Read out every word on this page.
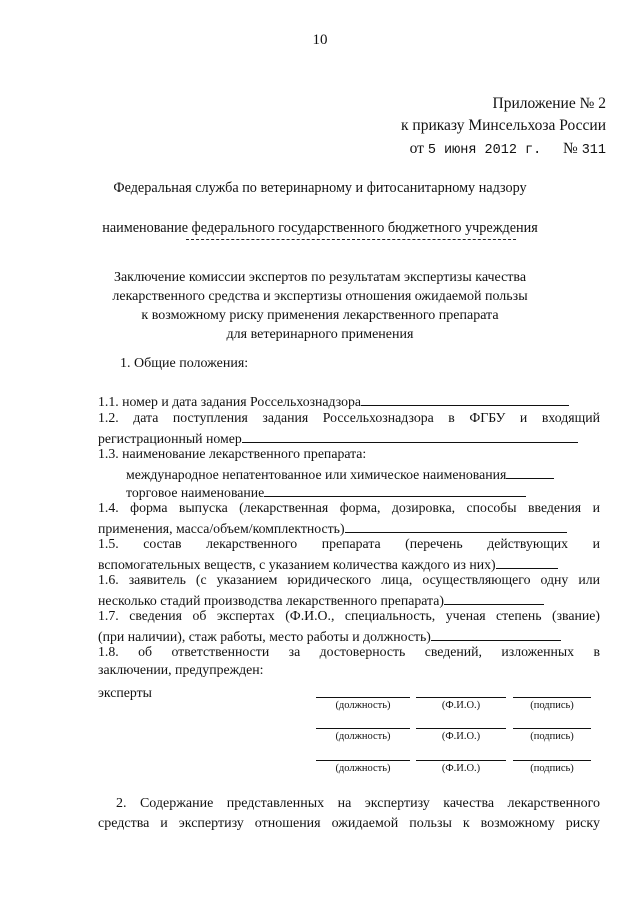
10
Приложение № 2
к приказу Минсельхоза России
от 5 июня 2012 г. № 311
Федеральная служба по ветеринарному и фитосанитарному надзору
наименование федерального государственного бюджетного учреждения
Заключение комиссии экспертов по результатам экспертизы качества
лекарственного средства и экспертизы отношения ожидаемой пользы
к возможному риску применения лекарственного препарата
для ветеринарного применения
1. Общие положения:
1.1. номер и дата задания Россельхознадзора
1.2. дата поступления задания Россельхознадзора в ФГБУ и входящий
регистрационный номер
1.3. наименование лекарственного препарата:
международное непатентованное или химическое наименования
торговое наименование
1.4. форма выпуска (лекарственная форма, дозировка, способы введения и
применения, масса/объем/комплектность)
1.5. состав лекарственного препарата (перечень действующих и
вспомогательных веществ, с указанием количества каждого из них)
1.6. заявитель (с указанием юридического лица, осуществляющего одну или
несколько стадий производства лекарственного препарата)
1.7. сведения об экспертах (Ф.И.О., специальность, ученая степень (звание)
(при наличии), стаж работы, место работы и должность)
1.8. об ответственности за достоверность сведений, изложенных в
заключении, предупрежден:
эксперты
(должность)	(Ф.И.О.)	(подпись)
(должность)	(Ф.И.О.)	(подпись)
(должность)	(Ф.И.О.)	(подпись)
2. Содержание представленных на экспертизу качества лекарственного
средства и экспертизу отношения ожидаемой пользы к возможному риску
